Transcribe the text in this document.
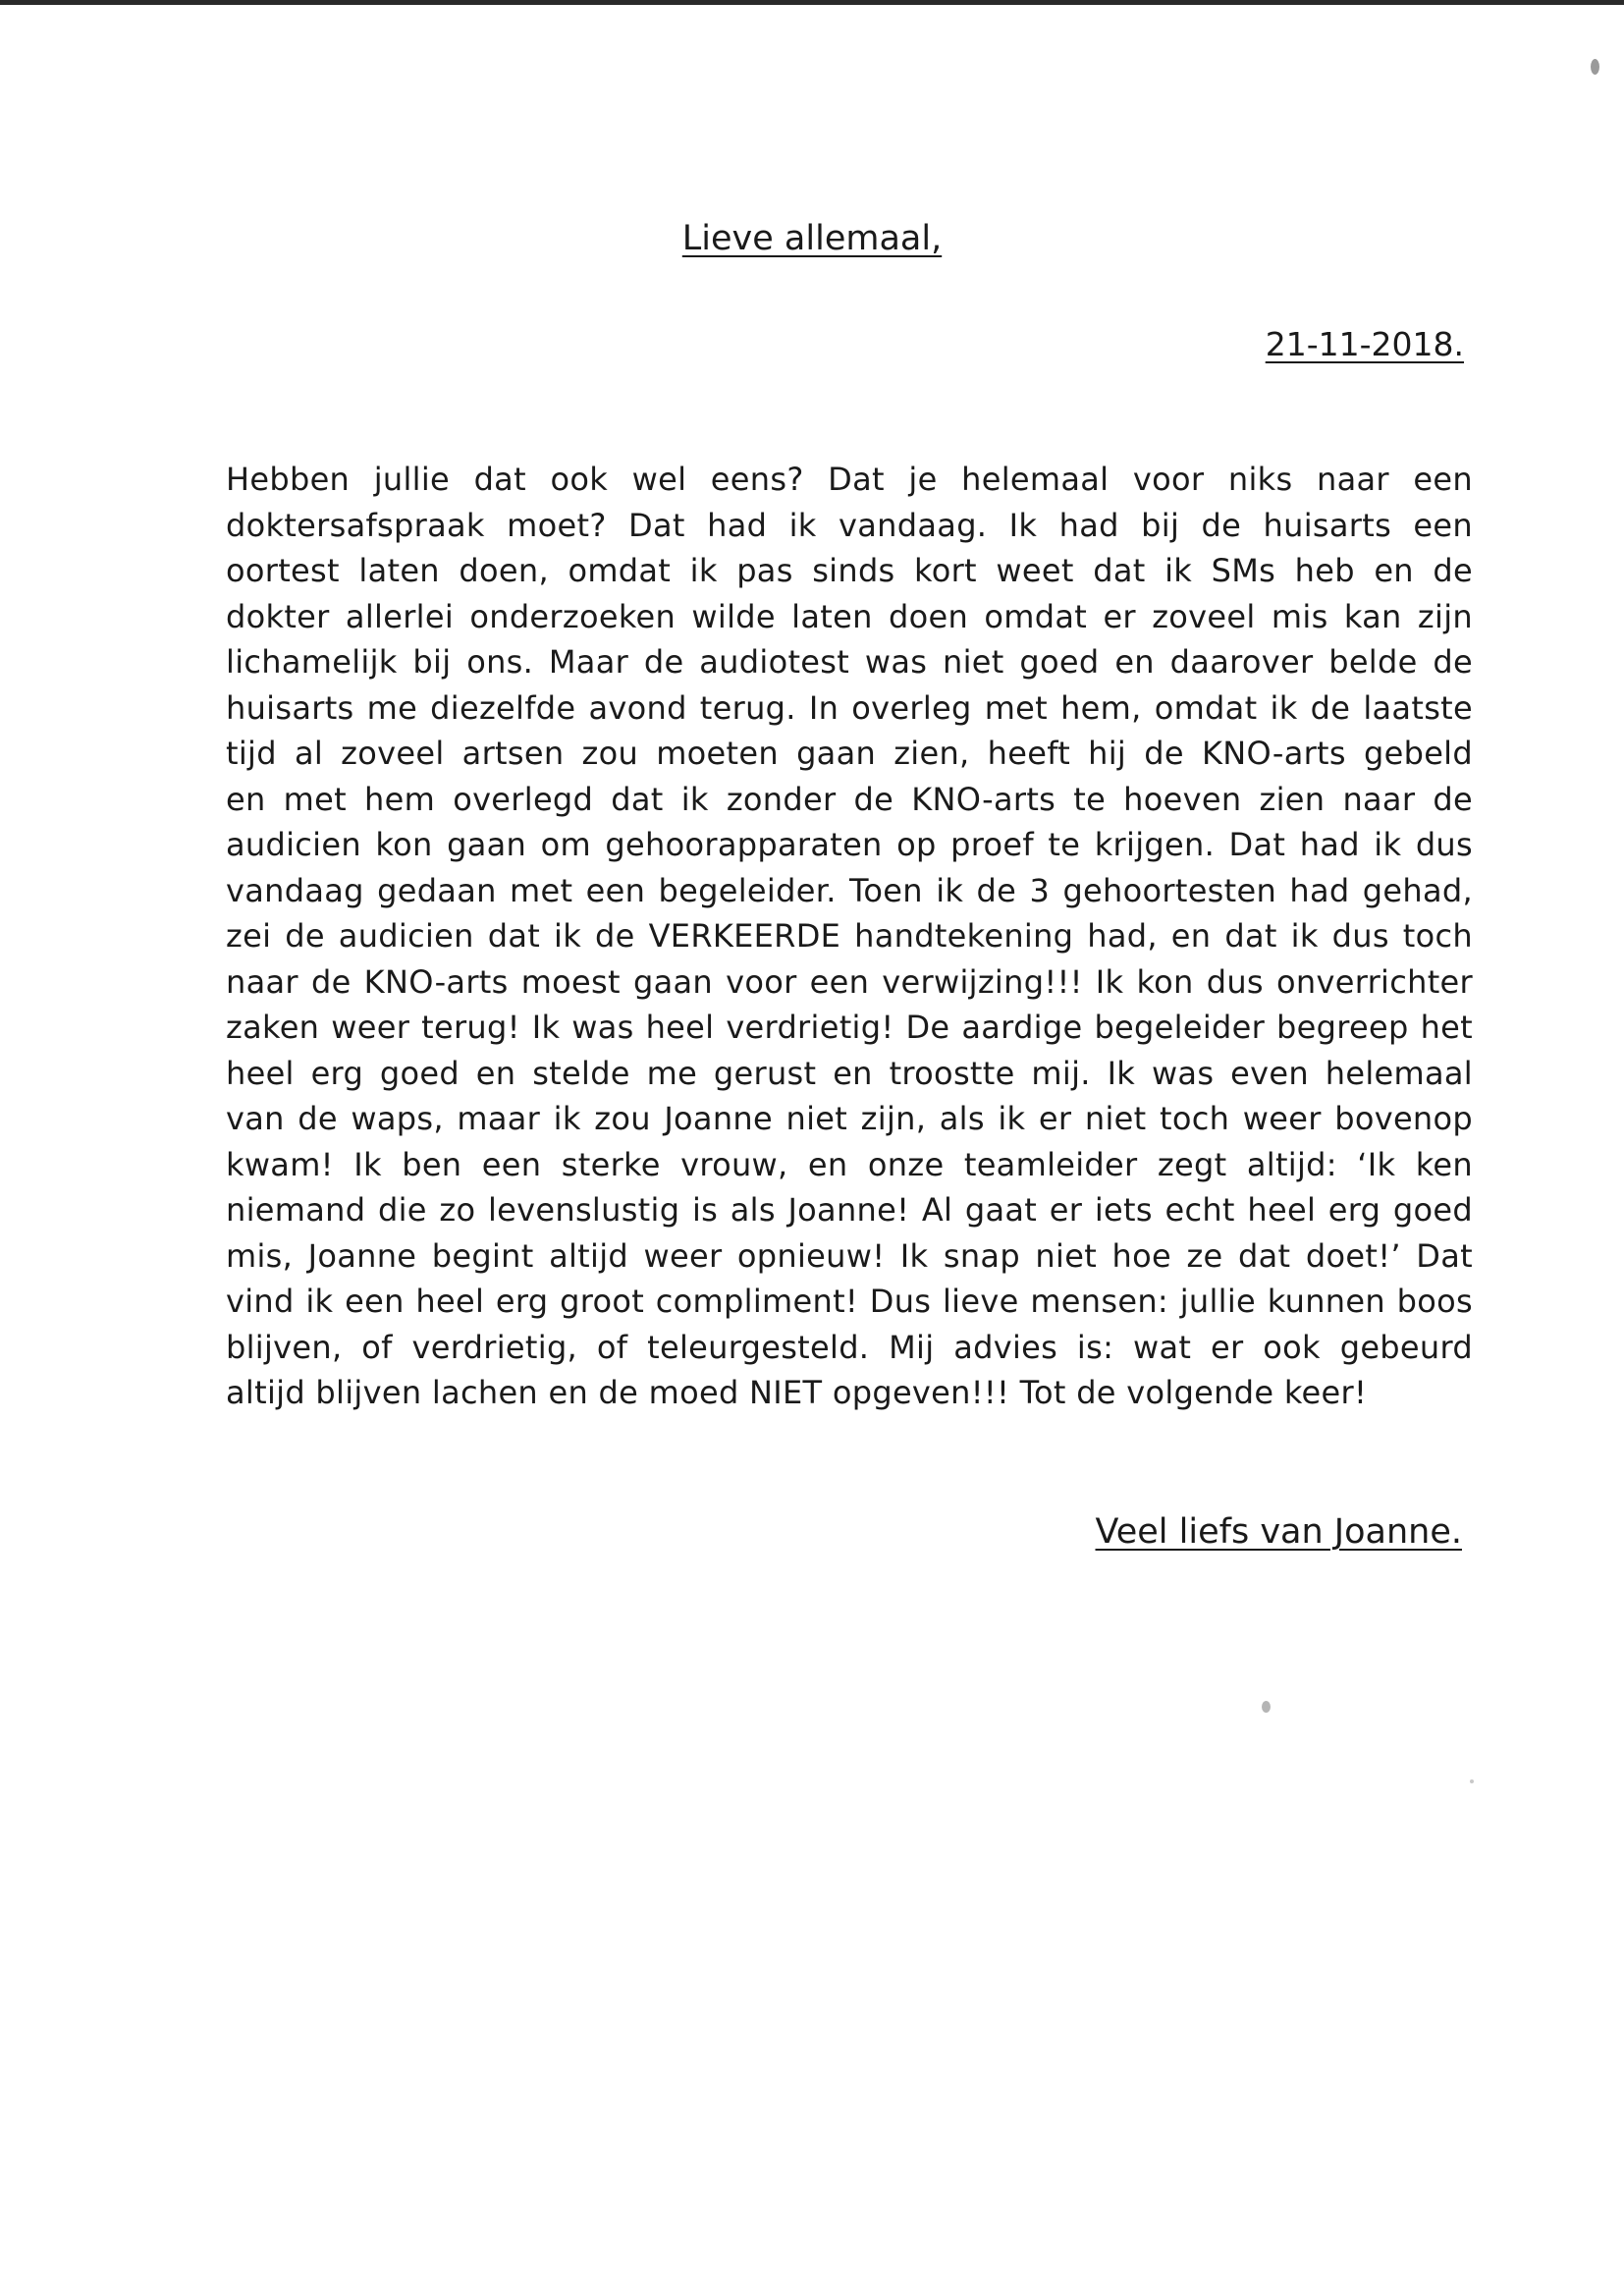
Lieve allemaal,
21-11-2018.

Hebben jullie dat ook wel eens? Dat je helemaal voor niks naar een
doktersafspraak moet? Dat had ik vandaag. Ik had bij de huisarts een
oortest laten doen, omdat ik pas sinds kort weet dat ik SMs heb en de
dokter allerlei onderzoeken wilde laten doen omdat er zoveel mis kan zijn
lichamelijk bij ons. Maar de audiotest was niet goed en daarover belde de
huisarts me diezelfde avond terug. In overleg met hem, omdat ik de laatste
tijd al zoveel artsen zou moeten gaan zien, heeft hij de KNO-arts gebeld
en met hem overlegd dat ik zonder de KNO-arts te hoeven zien naar de
audicien kon gaan om gehoorapparaten op proef te krijgen. Dat had ik dus
vandaag gedaan met een begeleider. Toen ik de 3 gehoortesten had gehad,
zei de audicien dat ik de VERKEERDE handtekening had, en dat ik dus toch
naar de KNO-arts moest gaan voor een verwijzing!!! Ik kon dus onverrichter
zaken weer terug! Ik was heel verdrietig! De aardige begeleider begreep het
heel erg goed en stelde me gerust en troostte mij. Ik was even helemaal
van de waps, maar ik zou Joanne niet zijn, als ik er niet toch weer bovenop
kwam! Ik ben een sterke vrouw, en onze teamleider zegt altijd: ‘Ik ken
niemand die zo levenslustig is als Joanne! Al gaat er iets echt heel erg goed
mis, Joanne begint altijd weer opnieuw! Ik snap niet hoe ze dat doet!’ Dat
vind ik een heel erg groot compliment! Dus lieve mensen: jullie kunnen boos
blijven, of verdrietig, of teleurgesteld. Mij advies is: wat er ook gebeurd
altijd blijven lachen en de moed NIET opgeven!!! Tot de volgende keer!

Veel liefs van Joanne.
